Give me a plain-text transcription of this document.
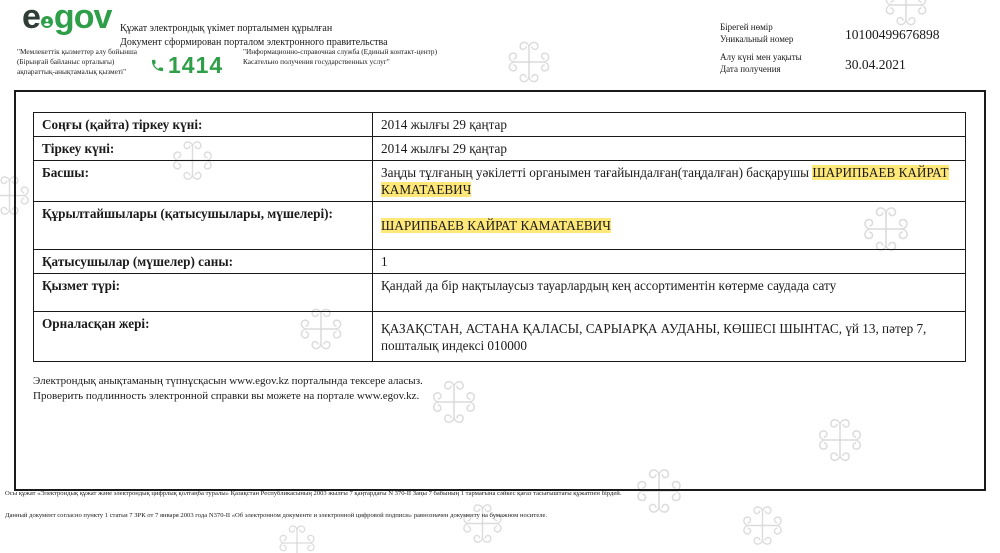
e gov Құжат электрондық үкімет порталымен құрылған
Документ сформирован порталом электронного правительства
"Мемлекеттік қызметтер алу бойынша (Бірыңғай байланыс орталығы) ақпараттық-анықтамалық қызметі"	1414
"Информационно-справочная служба (Единый контакт-центр) Касательно получения государственных услуг"
Бірегей нөмір
Уникальный номер	10100499676898
Алу күні мен уақыты
Дата получения	30.04.2021
Соңғы (қайта) тіркеу күні:	2014 жылғы 29 қаңтар
Тіркеу күні:	2014 жылғы 29 қаңтар
Басшы:	Заңды тұлғаның уәкілетті органымен тағайындалған(таңдалған) басқарушы ШАРИПБАЕВ КАЙРАТ КАМАТАЕВИЧ
Құрылтайшылары (қатысушылары, мүшелері):	ШАРИПБАЕВ КАЙРАТ КАМАТАЕВИЧ
Қатысушылар (мүшелер) саны:	1
Қызмет түрі:	Қандай да бір нақтылаусыз тауарлардың кең ассортиментін көтерме саудада сату
Орналасқан жері:	ҚАЗАҚСТАН, АСТАНА ҚАЛАСЫ, САРЫАРҚА АУДАНЫ, КӨШЕСІ ШЫНТАС, үй 13, пәтер 7, пошталық индексі 010000
Электрондық анықтаманың түпнұсқасын www.egov.kz порталында тексере аласыз.
Проверить подлинность электронной справки вы можете на портале www.egov.kz.
Осы құжат «Электрондық құжат және электрондық цифрлық қолтаңба туралы» Қазақстан Республикасының 2003 жылғы 7 қаңтардағы N 370-II Заңы 7 бабының 1 тармағына сәйкес қағаз тасығыштағы құжатпен бірдей.
Данный документ согласно пункту 1 статьи 7 ЗРК от 7 января 2003 года N370-II «Об электронном документе и электронной цифровой подписи» равнозначен документу на бумажном носителе.
